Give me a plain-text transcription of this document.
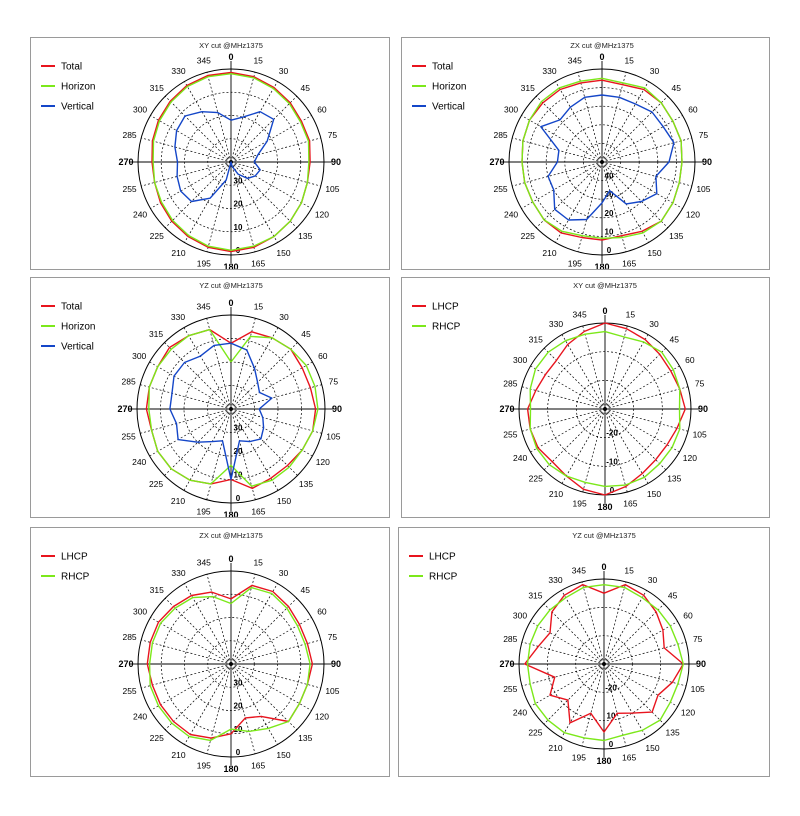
XY cut @MHz1375
0 15
30
45
60
75
90
105
120
135
150
165
180
195
210
225
240
255
270
285
300
315
330
345
0
10
20
30
Total
Horizon
Vertical
ZX cut @MHz1375
0 15
30
45
60
75
90
105
120
135
150
165
180
195
210
225
240
255
270
285
300
315
330
345
0
10
20
30
40
Total
Horizon
Vertical
YZ cut @MHz1375
0 15
30
45
60
75
90
105
120
135
150
165
180
195
210
225
240
255
270
285
300
315
330
345
0
10
20
30
Total
Horizon
Vertical
XY cut @MHz1375
0 15
30
45
60
75
90
105
120
135
150
165
180
195
210
225
240
255
270
285
300
315
330
345
0
-10
-20
LHCP
RHCP
ZX cut @MHz1375
0 15
30
45
60
75
90
105
120
135
150
165
180
195
210
225
240
255
270
285
300
315
330
345
0
10
20
30
LHCP
RHCP
YZ cut @MHz1375
0 15
30
45
60
75
90
105
120
135
150
165
180
195
210
225
240
255
270
285
300
315
330
345
0
10
-20
LHCP
RHCP
